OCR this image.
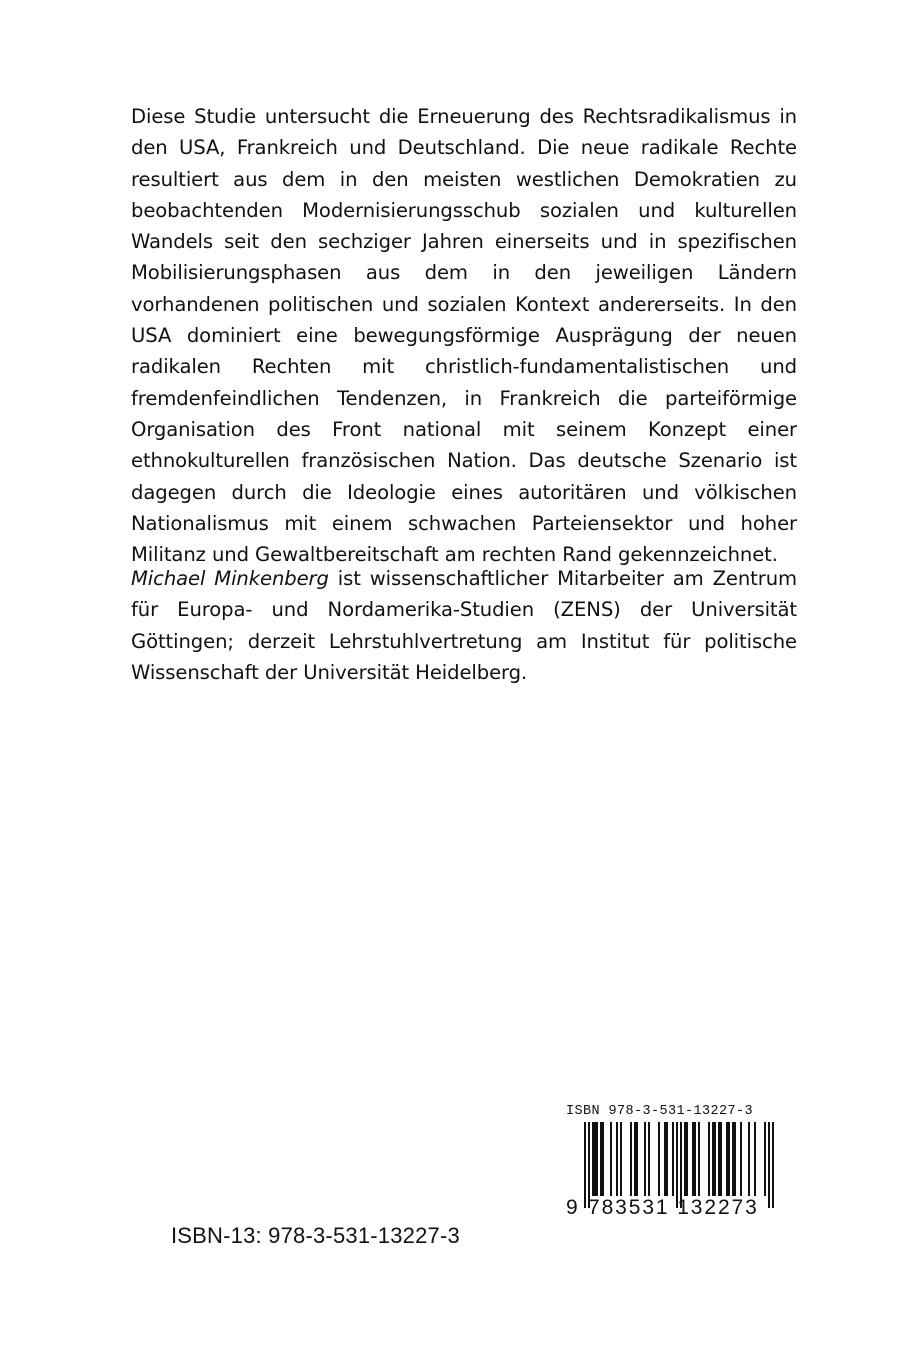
Diese Studie untersucht die Erneuerung des Rechtsradikalismus in den USA, Frankreich und Deutschland. Die neue radikale Rechte resultiert aus dem in den meisten westlichen Demokratien zu beobachtenden Modernisierungsschub sozialen und kulturellen Wandels seit den sechziger Jahren einerseits und in spezifischen Mobilisierungsphasen aus dem in den jeweiligen Ländern vorhandenen politischen und sozialen Kontext andererseits. In den USA dominiert eine bewegungsförmige Ausprägung der neuen radikalen Rechten mit christlich-fundamentalistischen und fremdenfeindlichen Tendenzen, in Frankreich die parteiförmige Organisation des Front national mit seinem Konzept einer ethnokulturellen französischen Nation. Das deutsche Szenario ist dagegen durch die Ideologie eines autoritären und völkischen Nationalismus mit einem schwachen Parteiensektor und hoher Militanz und Gewaltbereitschaft am rechten Rand gekennzeichnet.

Michael Minkenberg ist wissenschaftlicher Mitarbeiter am Zentrum für Europa- und Nordamerika-Studien (ZENS) der Universität Göttingen; derzeit Lehrstuhlvertretung am Institut für politische Wissenschaft der Universität Heidelberg.

ISBN-13: 978-3-531-13227-3
ISBN 978-3-531-13227-3
9 783531 132273
